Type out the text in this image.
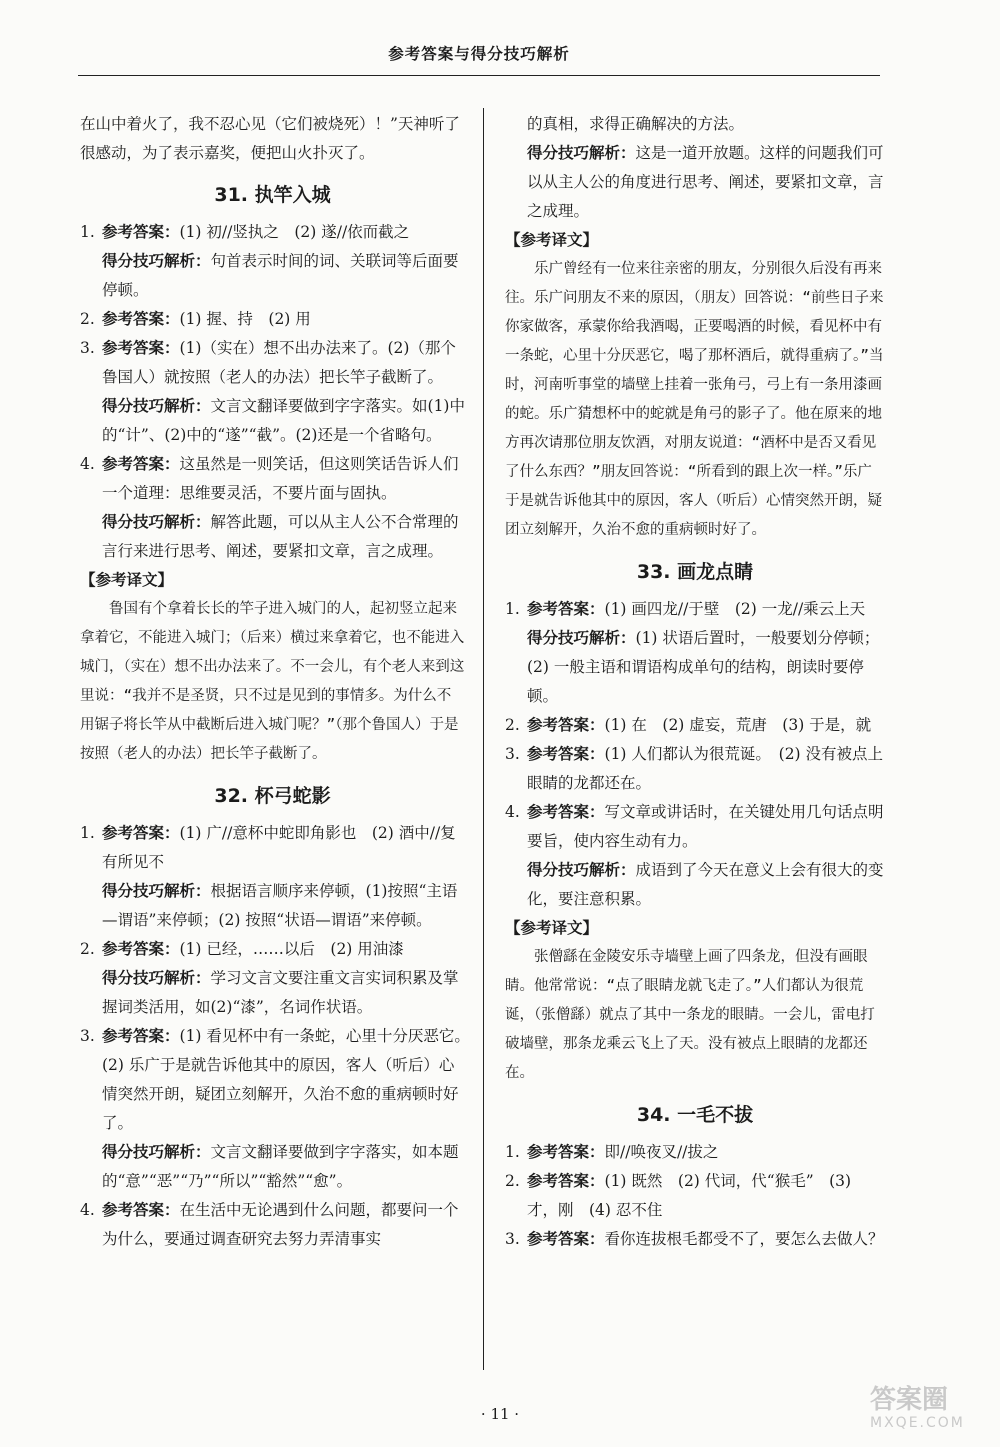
参考答案与得分技巧解析

在山中着火了，我不忍心见（它们被烧死）！”天神听了很感动，为了表示嘉奖，便把山火扑灭了。

31. 执竿入城
1. 参考答案：(1) 初//竖执之　(2) 遂//依而截之

得分技巧解析：句首表示时间的词、关联词等后面要停顿。

2. 参考答案：(1) 握、持　(2) 用
3. 参考答案：(1)（实在）想不出办法来了。(2)（那个鲁国人）就按照（老人的办法）把长竿子截断了。

得分技巧解析：文言文翻译要做到字字落实。如(1)中的“计”、(2)中的“遂”“截”。(2)还是一个省略句。

4. 参考答案：这虽然是一则笑话，但这则笑话告诉人们一个道理：思维要灵活，不要片面与固执。

得分技巧解析：解答此题，可以从主人公不合常理的言行来进行思考、阐述，要紧扣文章，言之成理。

【参考译文】

鲁国有个拿着长长的竿子进入城门的人，起初竖立起来拿着它，不能进入城门；（后来）横过来拿着它，也不能进入城门，（实在）想不出办法来了。不一会儿，有个老人来到这里说：“我并不是圣贤，只不过是见到的事情多。为什么不用锯子将长竿从中截断后进入城门呢？”（那个鲁国人）于是按照（老人的办法）把长竿子截断了。

32. 杯弓蛇影
1. 参考答案：(1) 广//意杯中蛇即角影也　(2) 酒中//复有所见不

得分技巧解析：根据语言顺序来停顿，(1)按照“主语—谓语”来停顿；(2) 按照“状语—谓语”来停顿。

2. 参考答案：(1) 已经，……以后　(2) 用油漆

得分技巧解析：学习文言文要注重文言实词积累及掌握词类活用，如(2)“漆”，名词作状语。

3. 参考答案：(1) 看见杯中有一条蛇，心里十分厌恶它。　(2) 乐广于是就告诉他其中的原因，客人（听后）心情突然开朗，疑团立刻解开，久治不愈的重病顿时好了。

得分技巧解析：文言文翻译要做到字字落实，如本题的“意”“恶”“乃”“所以”“豁然”“愈”。

4. 参考答案：在生活中无论遇到什么问题，都要问一个为什么，要通过调查研究去努力弄清事实

的真相，求得正确解决的方法。

得分技巧解析：这是一道开放题。这样的问题我们可以从主人公的角度进行思考、阐述，要紧扣文章，言之成理。

【参考译文】

乐广曾经有一位来往亲密的朋友，分别很久后没有再来往。乐广问朋友不来的原因，（朋友）回答说：“前些日子来你家做客，承蒙你给我酒喝，正要喝酒的时候，看见杯中有一条蛇，心里十分厌恶它，喝了那杯酒后，就得重病了。”当时，河南听事堂的墙壁上挂着一张角弓，弓上有一条用漆画的蛇。乐广猜想杯中的蛇就是角弓的影子了。他在原来的地方再次请那位朋友饮酒，对朋友说道：“酒杯中是否又看见了什么东西？”朋友回答说：“所看到的跟上次一样。”乐广于是就告诉他其中的原因，客人（听后）心情突然开朗，疑团立刻解开，久治不愈的重病顿时好了。

33. 画龙点睛
1. 参考答案：(1) 画四龙//于壁　(2) 一龙//乘云上天

得分技巧解析：(1) 状语后置时，一般要划分停顿；(2) 一般主语和谓语构成单句的结构，朗读时要停顿。

2. 参考答案：(1) 在　(2) 虚妄，荒唐　(3) 于是，就
3. 参考答案：(1) 人们都认为很荒诞。　(2) 没有被点上眼睛的龙都还在。
4. 参考答案：写文章或讲话时，在关键处用几句话点明要旨，使内容生动有力。

得分技巧解析：成语到了今天在意义上会有很大的变化，要注意积累。

【参考译文】

张僧繇在金陵安乐寺墙壁上画了四条龙，但没有画眼睛。他常常说：“点了眼睛龙就飞走了。”人们都认为很荒诞，（张僧繇）就点了其中一条龙的眼睛。一会儿，雷电打破墙壁，那条龙乘云飞上了天。没有被点上眼睛的龙都还在。

34. 一毛不拔
1. 参考答案：即//唤夜叉//拔之
2. 参考答案：(1) 既然　(2) 代词，代“猴毛”　(3) 才，刚　(4) 忍不住
3. 参考答案：看你连拔根毛都受不了，要怎么去做人？
· 11 ·	答案圈
MXQE.COM
